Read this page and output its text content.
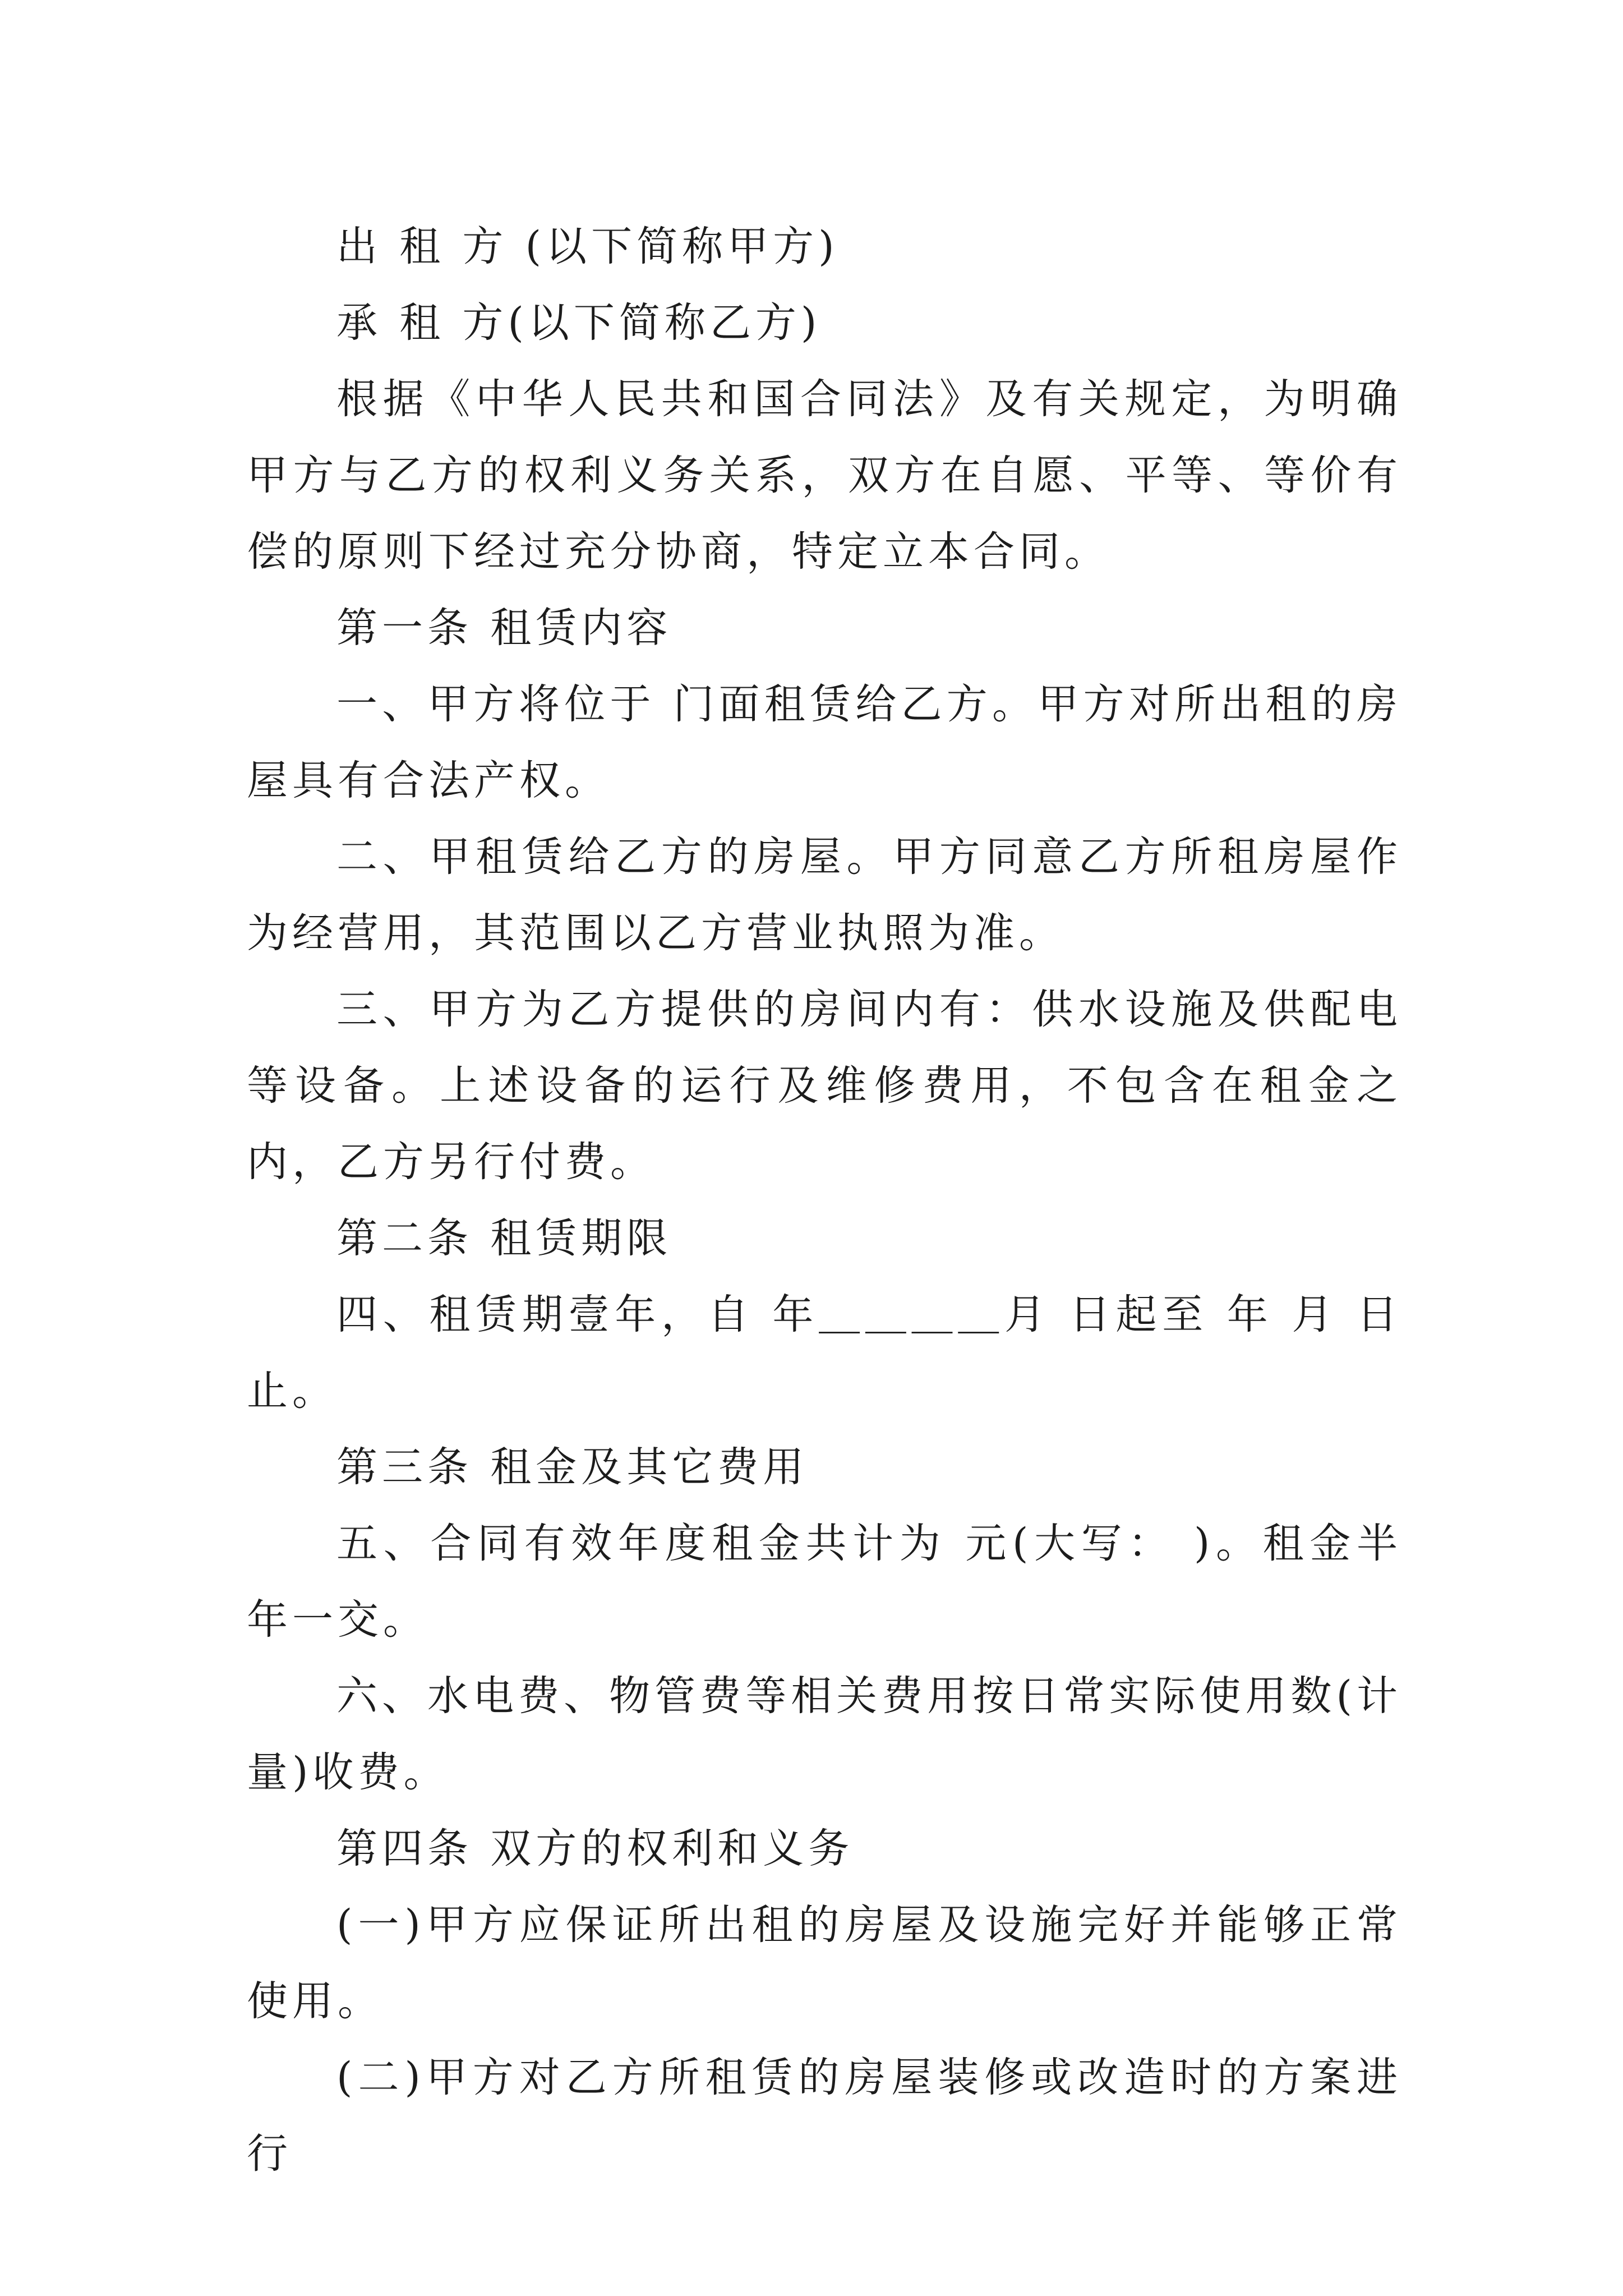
出 租 方 (以下简称甲方)

承 租 方(以下简称乙方)

根据《中华人民共和国合同法》及有关规定，为明确甲方与乙方的权利义务关系，双方在自愿、平等、等价有偿的原则下经过充分协商，特定立本合同。

第一条 租赁内容

一、甲方将位于 门面租赁给乙方。甲方对所出租的房屋具有合法产权。

二、甲租赁给乙方的房屋。甲方同意乙方所租房屋作为经营用，其范围以乙方营业执照为准。

三、甲方为乙方提供的房间内有：供水设施及供配电等设备。上述设备的运行及维修费用，不包含在租金之内，乙方另行付费。

第二条 租赁期限

四、租赁期壹年，自 年＿＿＿＿月 日起至 年 月 日止。

第三条 租金及其它费用

五、合同有效年度租金共计为 元(大写： )。租金半年一交。

六、水电费、物管费等相关费用按日常实际使用数(计量)收费。

第四条 双方的权利和义务

(一)甲方应保证所出租的房屋及设施完好并能够正常使用。

(二)甲方对乙方所租赁的房屋装修或改造时的方案进行
